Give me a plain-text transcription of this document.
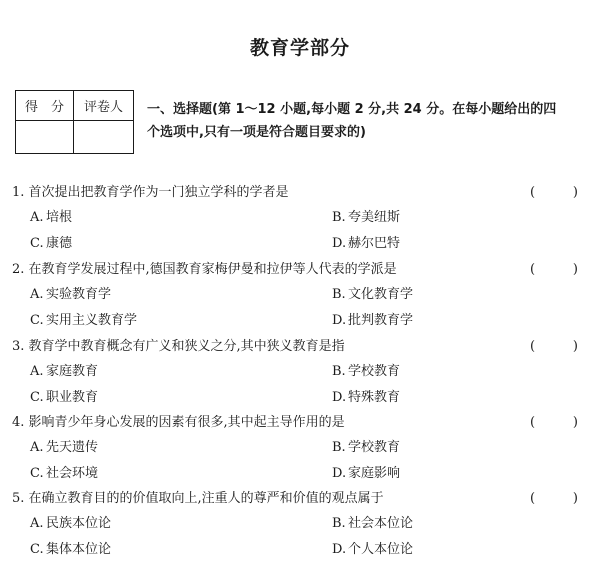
教育学部分
得　分	评卷人
	一、选择题(第 1～12 小题,每小题 2 分,共 24 分。在每小题给出的四
个选项中,只有一项是符合题目要求的)
1. 首次提出把教育学作为一门独立学科的学者是	(	)
A. 培根	B. 夸美纽斯
C. 康德	D. 赫尔巴特
2. 在教育学发展过程中,德国教育家梅伊曼和拉伊等人代表的学派是	(	)
A. 实验教育学	B. 文化教育学
C. 实用主义教育学	D. 批判教育学
3. 教育学中教育概念有广义和狭义之分,其中狭义教育是指	(	)
A. 家庭教育	B. 学校教育
C. 职业教育	D. 特殊教育
4. 影响青少年身心发展的因素有很多,其中起主导作用的是	(	)
A. 先天遗传	B. 学校教育
C. 社会环境	D. 家庭影响
5. 在确立教育目的的价值取向上,注重人的尊严和价值的观点属于	(	)
A. 民族本位论	B. 社会本位论
C. 集体本位论	D. 个人本位论
